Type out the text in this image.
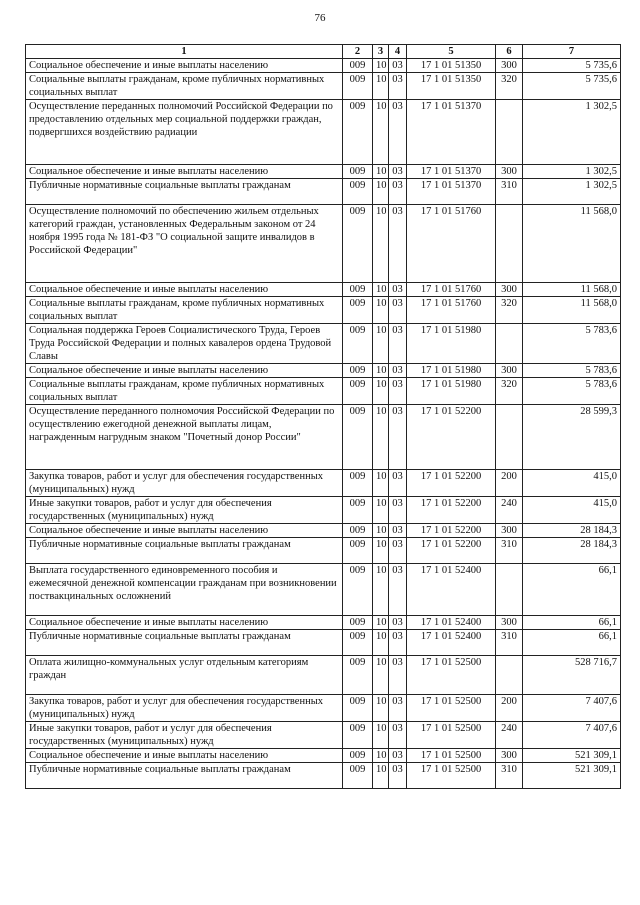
76
1	2	3	4	5	6	7
Социальное обеспечение и иные выплаты населению	009	10	03	17 1 01 51350	300	5 735,6
Социальные выплаты гражданам, кроме публичных нормативных социальных выплат	009	10	03	17 1 01 51350	320	5 735,6
Осуществление переданных полномочий Российской Федерации по предоставлению отдельных мер социальной поддержки граждан, подвергшихся воздействию радиации	009	10	03	17 1 01 51370		1 302,5
Социальное обеспечение и иные выплаты населению	009	10	03	17 1 01 51370	300	1 302,5
Публичные нормативные социальные выплаты гражданам	009	10	03	17 1 01 51370	310	1 302,5
Осуществление полномочий по обеспечению жильем отдельных категорий граждан, установленных Федеральным законом от 24 ноября 1995 года № 181-ФЗ "О социальной защите инвалидов в Российской Федерации"	009	10	03	17 1 01 51760		11 568,0
Социальное обеспечение и иные выплаты населению	009	10	03	17 1 01 51760	300	11 568,0
Социальные выплаты гражданам, кроме публичных нормативных социальных выплат	009	10	03	17 1 01 51760	320	11 568,0
Социальная поддержка Героев Социалистического Труда, Героев Труда Российской Федерации и полных кавалеров ордена Трудовой Славы	009	10	03	17 1 01 51980		5 783,6
Социальное обеспечение и иные выплаты населению	009	10	03	17 1 01 51980	300	5 783,6
Социальные выплаты гражданам, кроме публичных нормативных социальных выплат	009	10	03	17 1 01 51980	320	5 783,6
Осуществление переданного полномочия Российской Федерации по осуществлению ежегодной денежной выплаты лицам, награжденным нагрудным знаком "Почетный донор России"	009	10	03	17 1 01 52200		28 599,3
Закупка товаров, работ и услуг для обеспечения государственных (муниципальных) нужд	009	10	03	17 1 01 52200	200	415,0
Иные закупки товаров, работ и услуг для обеспечения государственных (муниципальных) нужд	009	10	03	17 1 01 52200	240	415,0
Социальное обеспечение и иные выплаты населению	009	10	03	17 1 01 52200	300	28 184,3
Публичные нормативные социальные выплаты гражданам	009	10	03	17 1 01 52200	310	28 184,3
Выплата государственного единовременного пособия и ежемесячной денежной компенсации гражданам при возникновении поствакцинальных осложнений	009	10	03	17 1 01 52400		66,1
Социальное обеспечение и иные выплаты населению	009	10	03	17 1 01 52400	300	66,1
Публичные нормативные социальные выплаты гражданам	009	10	03	17 1 01 52400	310	66,1
Оплата жилищно-коммунальных услуг отдельным категориям граждан	009	10	03	17 1 01 52500		528 716,7
Закупка товаров, работ и услуг для обеспечения государственных (муниципальных) нужд	009	10	03	17 1 01 52500	200	7 407,6
Иные закупки товаров, работ и услуг для обеспечения государственных (муниципальных) нужд	009	10	03	17 1 01 52500	240	7 407,6
Социальное обеспечение и иные выплаты населению	009	10	03	17 1 01 52500	300	521 309,1
Публичные нормативные социальные выплаты гражданам	009	10	03	17 1 01 52500	310	521 309,1
